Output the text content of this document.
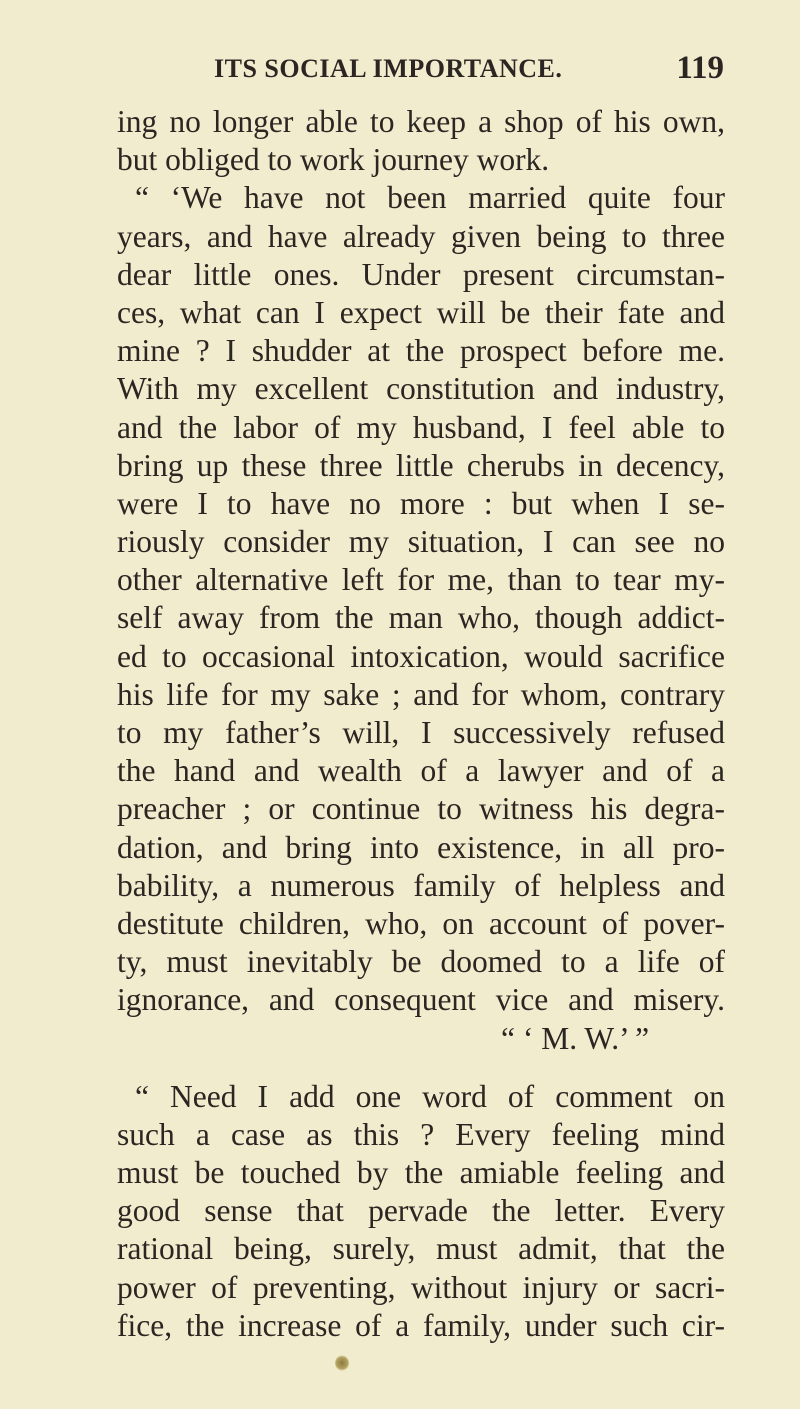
ITS SOCIAL IMPORTANCE.	119
ing no longer able to keep a shop of his own,
but obliged to work journey work.
“ ‘We have not been married quite four
years, and have already given being to three
dear little ones. Under present circumstan-
ces, what can I expect will be their fate and
mine ? I shudder at the prospect before me.
With my excellent constitution and industry,
and the labor of my husband, I feel able to
bring up these three little cherubs in decency,
were I to have no more : but when I se-
riously consider my situation, I can see no
other alternative left for me, than to tear my-
self away from the man who, though addict-
ed to occasional intoxication, would sacrifice
his life for my sake ; and for whom, contrary
to my father’s will, I successively refused
the hand and wealth of a lawyer and of a
preacher ; or continue to witness his degra-
dation, and bring into existence, in all pro-
bability, a numerous family of helpless and
destitute children, who, on account of pover-
ty, must inevitably be doomed to a life of
ignorance, and consequent vice and misery.
“ ‘ M. W.’ ”
“ Need I add one word of comment on
such a case as this ? Every feeling mind
must be touched by the amiable feeling and
good sense that pervade the letter. Every
rational being, surely, must admit, that the
power of preventing, without injury or sacri-
fice, the increase of a family, under such cir-
